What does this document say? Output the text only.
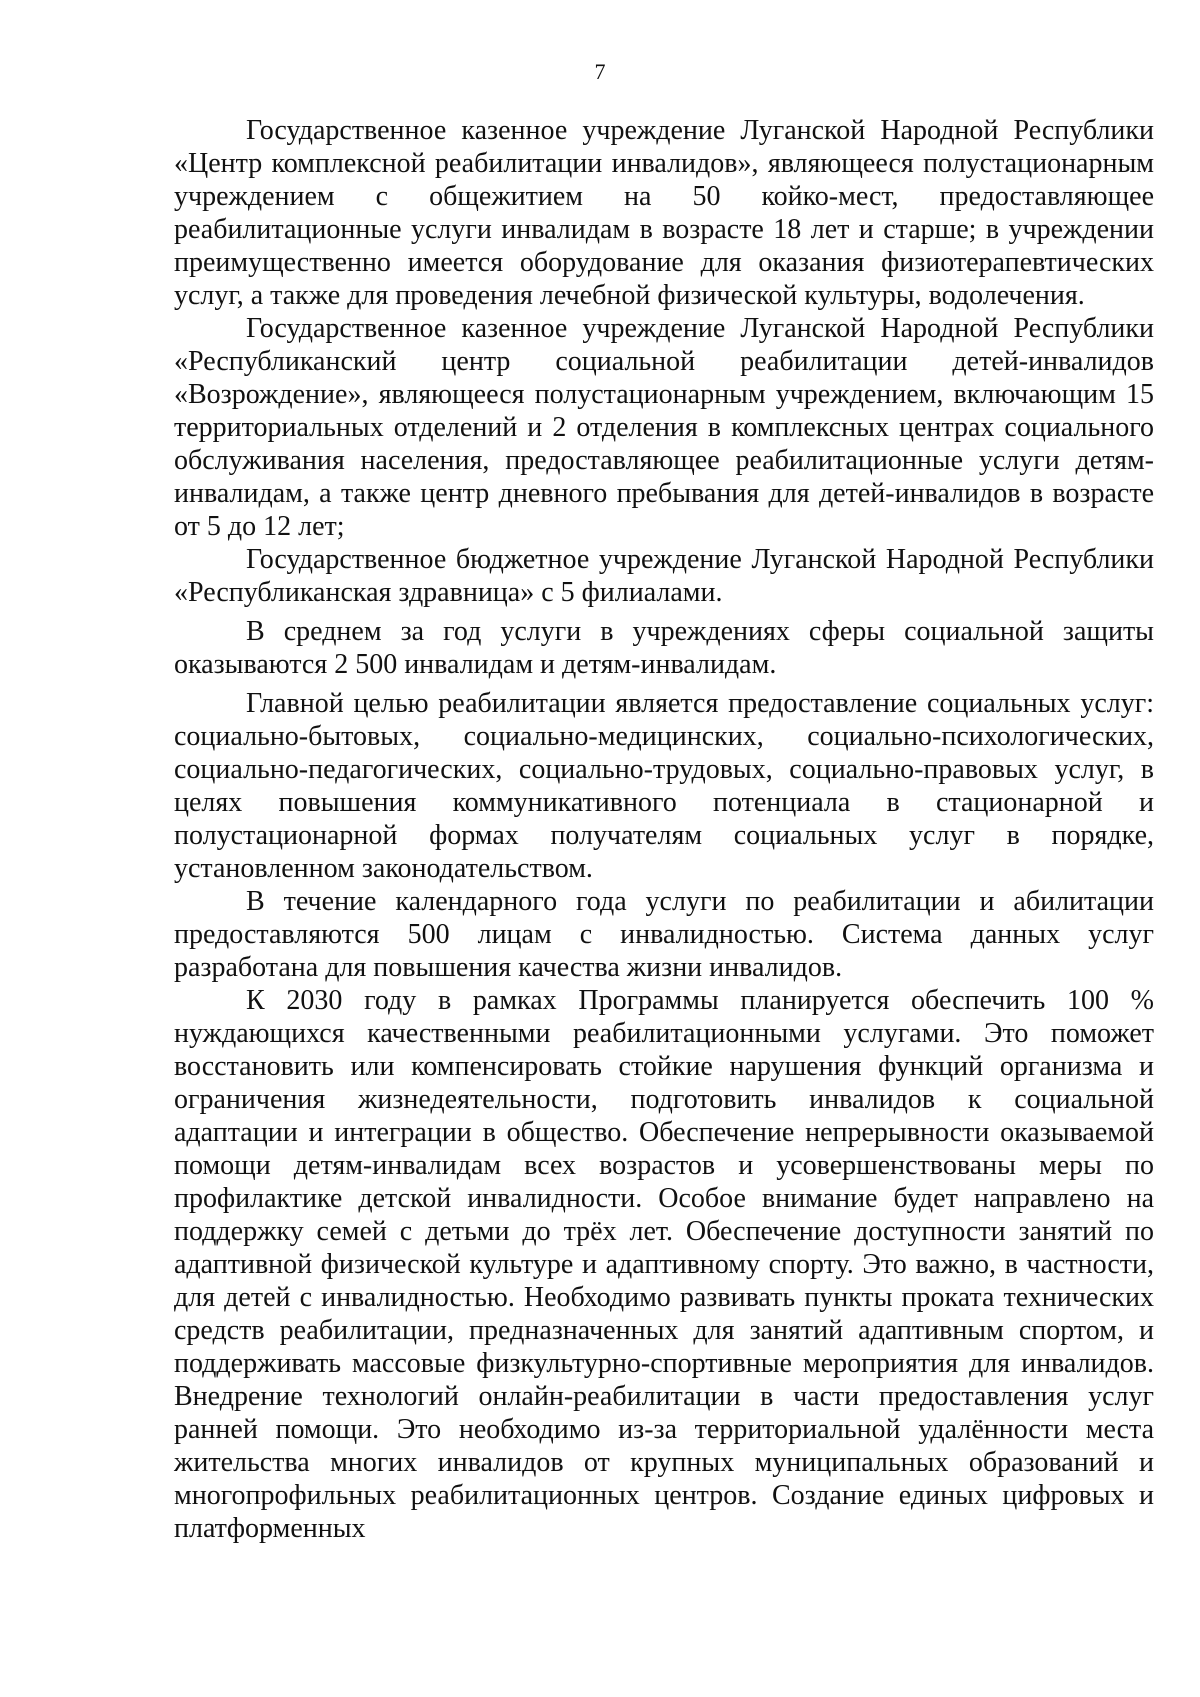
7

Государственное казенное учреждение Луганской Народной Республики «Центр комплексной реабилитации инвалидов», являющееся полустационарным учреждением с общежитием на 50 койко-мест, предоставляющее реабилитационные услуги инвалидам в возрасте 18 лет и старше; в учреждении преимущественно имеется оборудование для оказания физиотерапевтических услуг, а также для проведения лечебной физической культуры, водолечения.

Государственное казенное учреждение Луганской Народной Республики «Республиканский центр социальной реабилитации детей-инвалидов «Возрождение», являющееся полустационарным учреждением, включающим 15 территориальных отделений и 2 отделения в комплексных центрах социального обслуживания населения, предоставляющее реабилитационные услуги детям-инвалидам, а также центр дневного пребывания для детей-инвалидов в возрасте от 5 до 12 лет;

Государственное бюджетное учреждение Луганской Народной Республики «Республиканская здравница» с 5 филиалами.

В среднем за год услуги в учреждениях сферы социальной защиты оказываются 2 500 инвалидам и детям-инвалидам.

Главной целью реабилитации является предоставление социальных услуг: социально-бытовых, социально-медицинских, социально-психологических, социально-педагогических, социально-трудовых, социально-правовых услуг, в целях повышения коммуникативного потенциала в стационарной и полустационарной формах получателям социальных услуг в порядке, установленном законодательством.

В течение календарного года услуги по реабилитации и абилитации предоставляются 500 лицам с инвалидностью. Система данных услуг разработана для повышения качества жизни инвалидов.

К 2030 году в рамках Программы планируется обеспечить 100 % нуждающихся качественными реабилитационными услугами. Это поможет восстановить или компенсировать стойкие нарушения функций организма и ограничения жизнедеятельности, подготовить инвалидов к социальной адаптации и интеграции в общество. Обеспечение непрерывности оказываемой помощи детям-инвалидам всех возрастов и усовершенствованы меры по профилактике детской инвалидности. Особое внимание будет направлено на поддержку семей с детьми до трёх лет. Обеспечение доступности занятий по адаптивной физической культуре и адаптивному спорту. Это важно, в частности, для детей с инвалидностью. Необходимо развивать пункты проката технических средств реабилитации, предназначенных для занятий адаптивным спортом, и поддерживать массовые физкультурно-спортивные мероприятия для инвалидов. Внедрение технологий онлайн-реабилитации в части предоставления услуг ранней помощи. Это необходимо из-за территориальной удалённости места жительства многих инвалидов от крупных муниципальных образований и многопрофильных реабилитационных центров. Создание единых цифровых и платформенных
